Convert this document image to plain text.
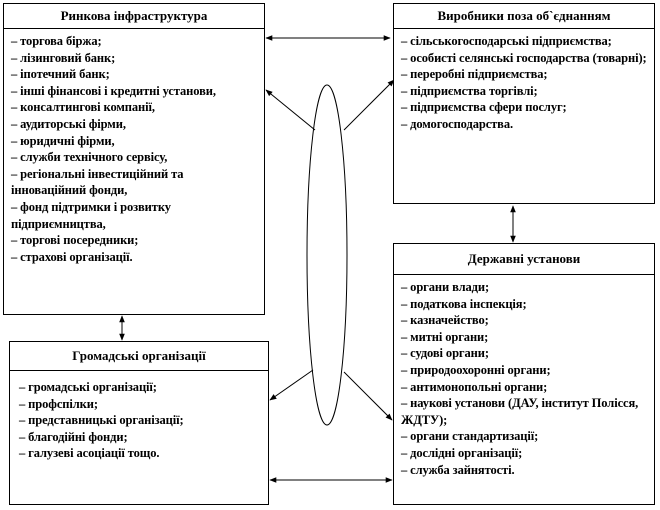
Ринкова інфраструктура
– торгова біржа;
– лізинговий банк;
– іпотечний банк;
– інші фінансові і кредитні установи,
– консалтингові компанії,
– аудиторські фірми,
– юридичні фірми,
– служби технічного сервісу,
– регіональні інвестиційний та інноваційний фонди,
– фонд підтримки і розвитку підприємництва,
– торгові посередники;
– страхові організації.
Виробники поза об`єднанням
– сільськогосподарські підприємства;
– особисті селянські господарства (товарні);
– переробні підприємства;
– підприємства торгівлі;
– підприємства сфери послуг;
– домогосподарства.
Громадські організації
– громадські організації;
– профспілки;
– представницькі організації;
– благодійні фонди;
– галузеві асоціації тощо.
Державні установи
– органи влади;
– податкова інспекція;
– казначейство;
– митні органи;
– судові органи;
– природоохоронні органи;
– антимонопольні органи;
– наукові установи (ДАУ, інститут Полісся, ЖДТУ);
– органи стандартизації;
– дослідні організації;
– служба зайнятості.
